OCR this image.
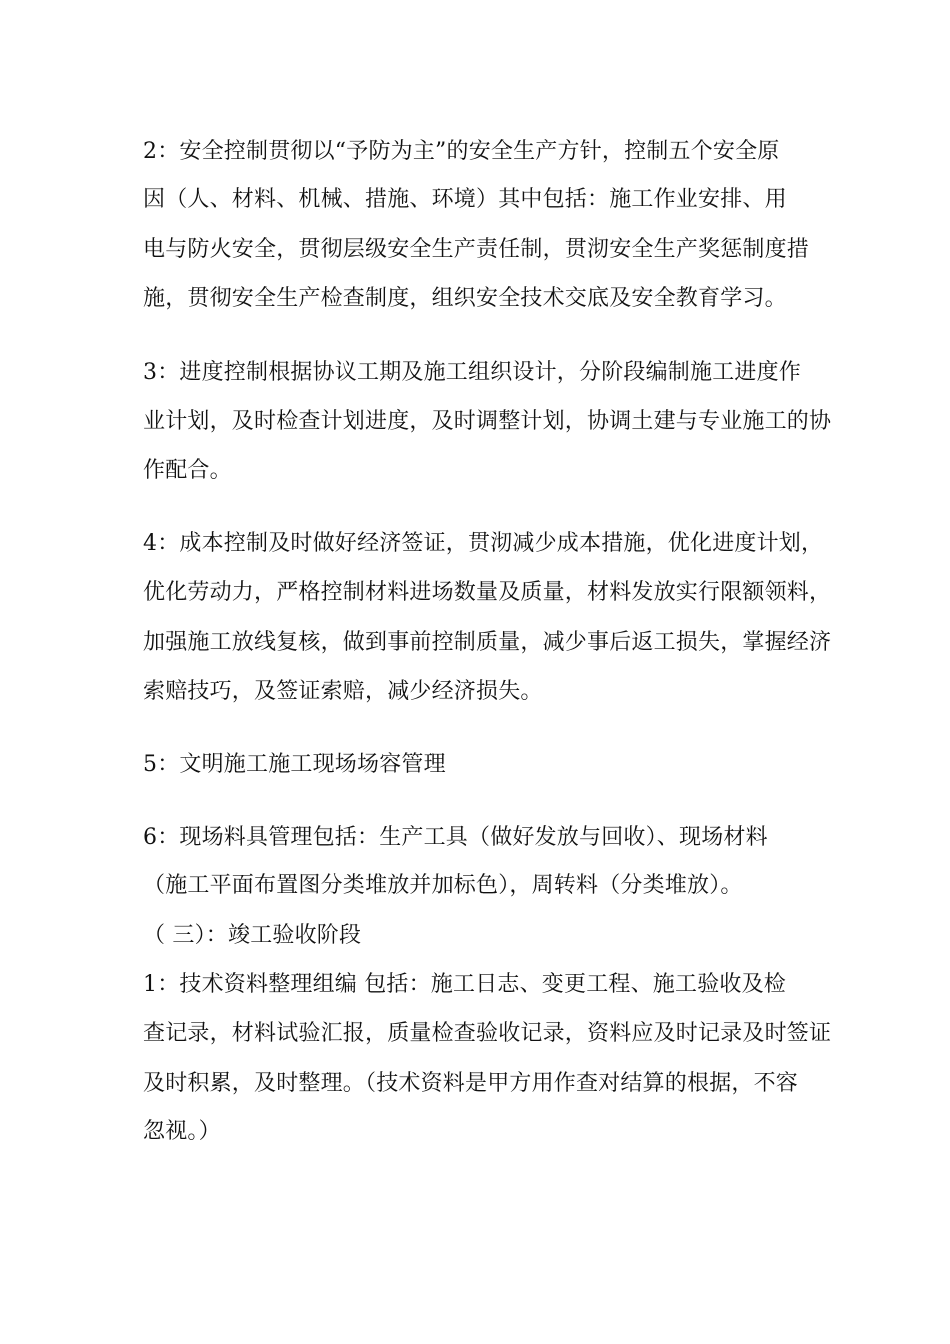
2：安全控制贯彻以“予防为主”的安全生产方针，控制五个安全原
因（人、材料、机械、措施、环境）其中包括：施工作业安排、用
电与防火安全，贯彻层级安全生产责任制，贯沏安全生产奖惩制度措
施，贯彻安全生产检查制度，组织安全技术交底及安全教育学习。
3：进度控制根据协议工期及施工组织设计，分阶段编制施工进度作
业计划，及时检查计划进度，及时调整计划，协调土建与专业施工的协
作配合。
4：成本控制及时做好经济签证，贯沏减少成本措施，优化进度计划，
优化劳动力，严格控制材料进场数量及质量，材料发放实行限额领料，
加强施工放线复核，做到事前控制质量，减少事后返工损失，掌握经济
索赔技巧，及签证索赔，减少经济损失。
5：文明施工施工现场场容管理
6：现场料具管理包括：生产工具（做好发放与回收）、现场材料
（施工平面布置图分类堆放并加标色），周转料（分类堆放）。
（ 三）：竣工验收阶段
1：技术资料整理组编 包括：施工日志、变更工程、施工验收及检
查记录，材料试验汇报，质量检查验收记录，资料应及时记录及时签证
及时积累，及时整理。（技术资料是甲方用作查对结算的根据，不容
忽视。）
